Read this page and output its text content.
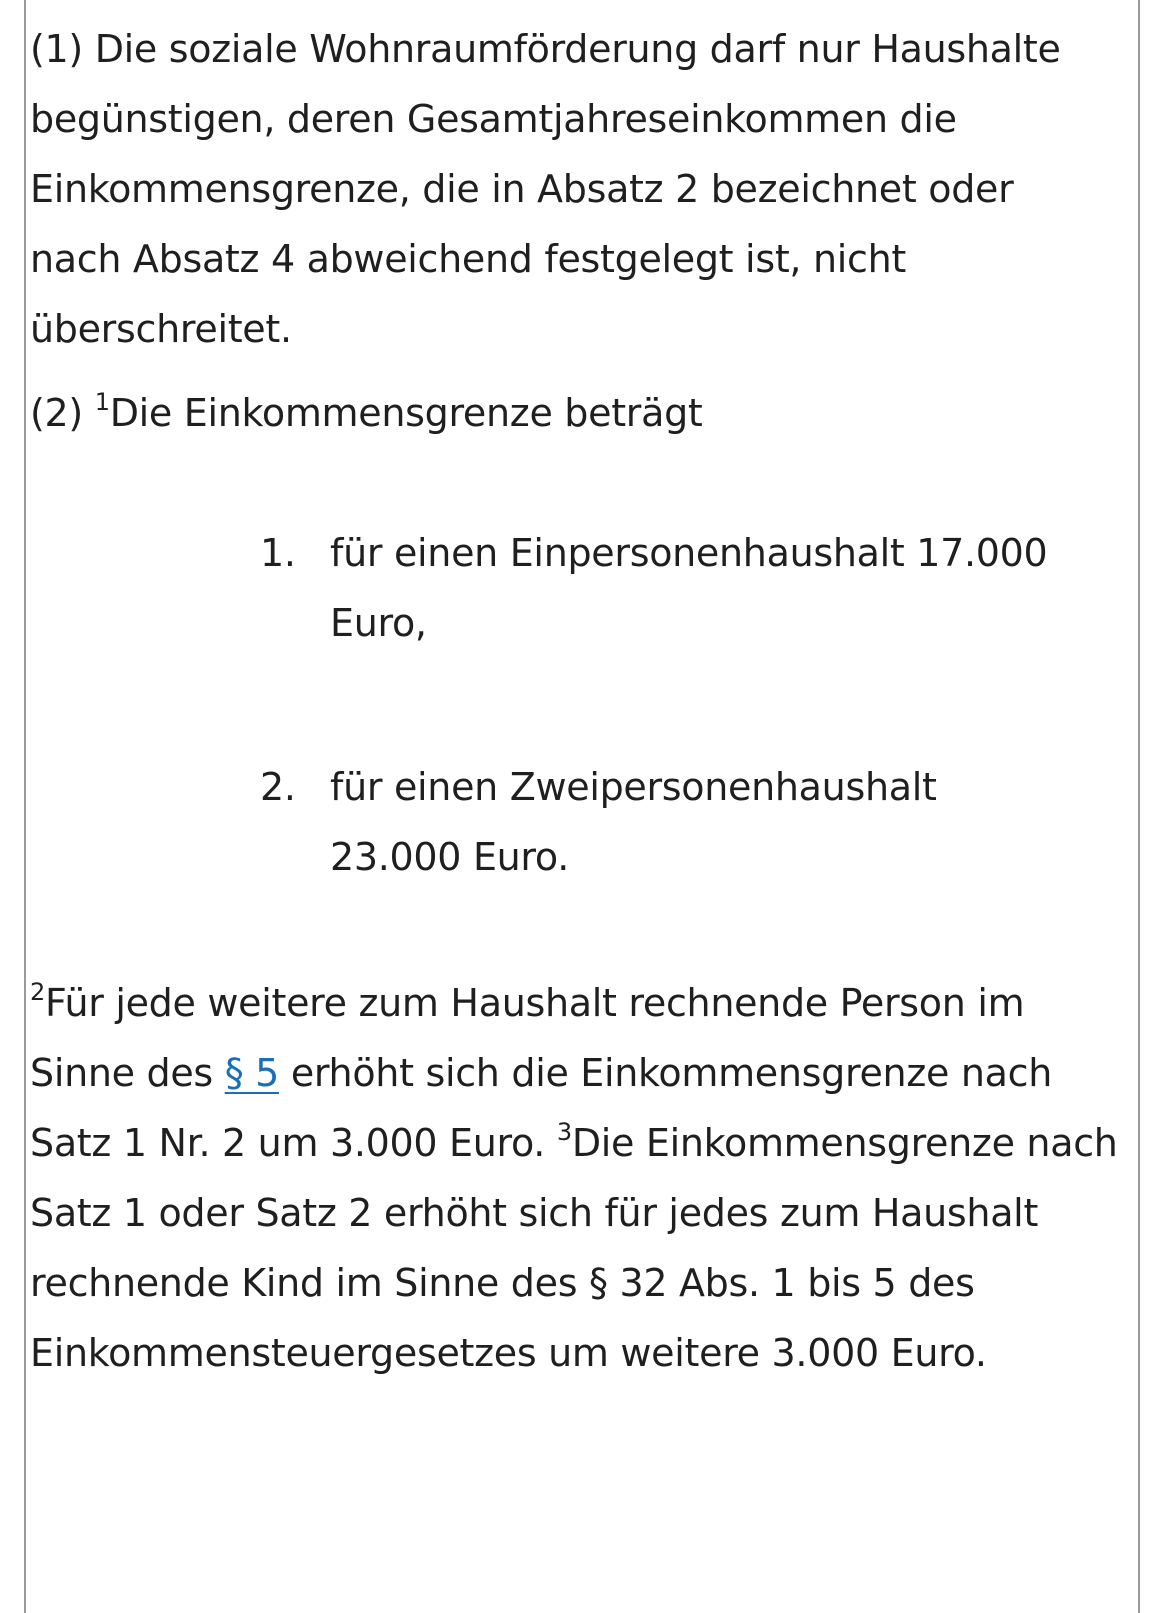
(1) Die soziale Wohnraumförderung darf nur Haushalte begünstigen, deren Gesamtjahreseinkommen die Einkommensgrenze, die in Absatz 2 bezeichnet oder nach Absatz 4 abweichend festgelegt ist, nicht überschreitet.

(2) $^1$Die Einkommensgrenze beträgt

1. für einen Einpersonenhaushalt 17.000 Euro,
2. für einen Zweipersonenhaushalt 23.000 Euro.

$^2$Für jede weitere zum Haushalt rechnende Person im Sinne des § 5 erhöht sich die Einkommensgrenze nach Satz 1 Nr. 2 um 3.000 Euro. $^3$Die Einkommensgrenze nach Satz 1 oder Satz 2 erhöht sich für jedes zum Haushalt rechnende Kind im Sinne des § 32 Abs. 1 bis 5 des Einkommensteuergesetzes um weitere 3.000 Euro.
